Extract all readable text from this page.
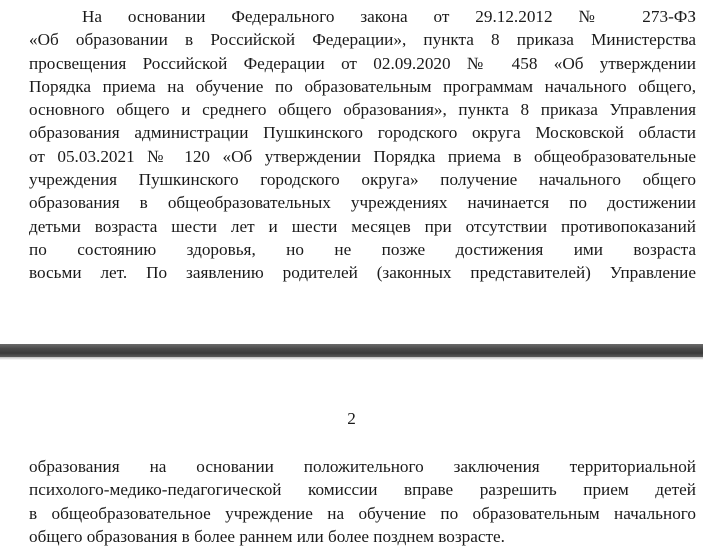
На основании Федерального закона от 29.12.2012 № 273-ФЗ
«Об образовании в Российской Федерации», пункта 8 приказа Министерства
просвещения Российской Федерации от 02.09.2020 № 458 «Об утверждении
Порядка приема на обучение по образовательным программам начального общего,
основного общего и среднего общего образования», пункта 8 приказа Управления
образования администрации Пушкинского городского округа Московской области
от 05.03.2021 № 120 «Об утверждении Порядка приема в общеобразовательные
учреждения Пушкинского городского округа» получение начального общего
образования в общеобразовательных учреждениях начинается по достижении
детьми возраста шести лет и шести месяцев при отсутствии противопоказаний
по состоянию здоровья, но не позже достижения ими возраста
восьми лет. По заявлению родителей (законных представителей) Управление
2
образования на основании положительного заключения территориальной
психолого-медико-педагогической комиссии вправе разрешить прием детей
в общеобразовательное учреждение на обучение по образовательным начального
общего образования в более раннем или более позднем возрасте.
